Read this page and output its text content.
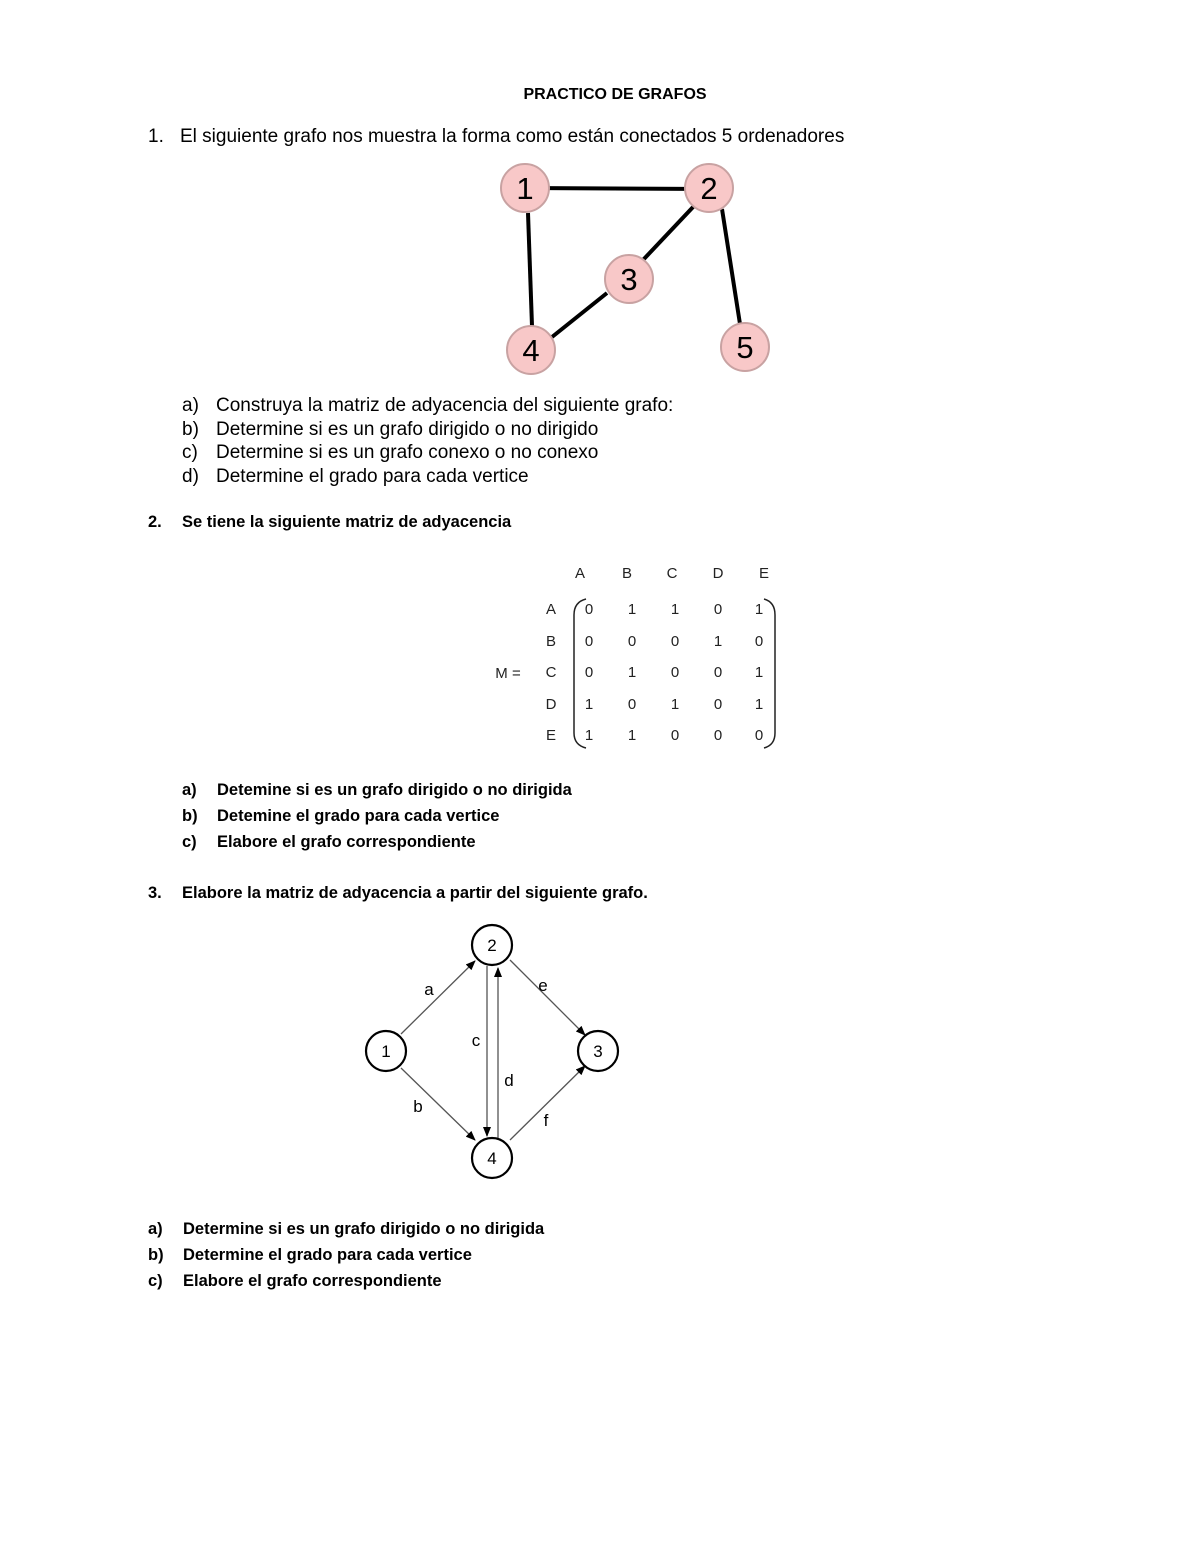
PRACTICO DE GRAFOS
1. El siguiente grafo nos muestra la forma como están conectados 5 ordenadores
1	2
3
4	5
a) Construya la matriz de adyacencia del siguiente grafo:
b) Determine si es un grafo dirigido o no dirigido
c) Determine si es un grafo conexo o no conexo
d) Determine el grado para cada vertice
2. Se tiene la siguiente matriz de adyacencia
M =
A B C D E
A
B
C
D
E
0 1 1 0 1
0 0 0 1 0
0 1 0 0 1
1 0 1 0 1
1 1 0 0 0
a) Detemine si es un grafo dirigido o no dirigida
b) Detemine el grado para cada vertice
c) Elabore el grafo correspondiente
3. Elabore la matriz de adyacencia a partir del siguiente grafo.
1
2
3
4
a
b
c
d
e
f
a) Determine si es un grafo dirigido o no dirigida
b) Determine el grado para cada vertice
c) Elabore el grafo correspondiente
